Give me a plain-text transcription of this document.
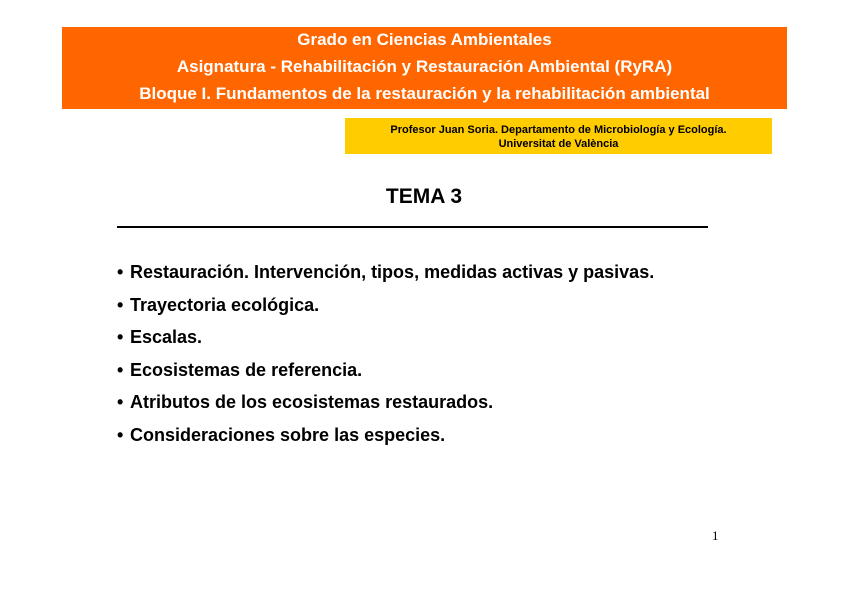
Grado en Ciencias Ambientales
Asignatura - Rehabilitación y Restauración Ambiental (RyRA)
Bloque I. Fundamentos de la restauración y la rehabilitación ambiental
Profesor Juan Soria. Departamento de Microbiología y Ecología.
Universitat de València
TEMA 3
• Restauración. Intervención, tipos, medidas activas y pasivas.
• Trayectoria ecológica.
• Escalas.
• Ecosistemas de referencia.
• Atributos de los ecosistemas restaurados.
• Consideraciones sobre las especies.
1
